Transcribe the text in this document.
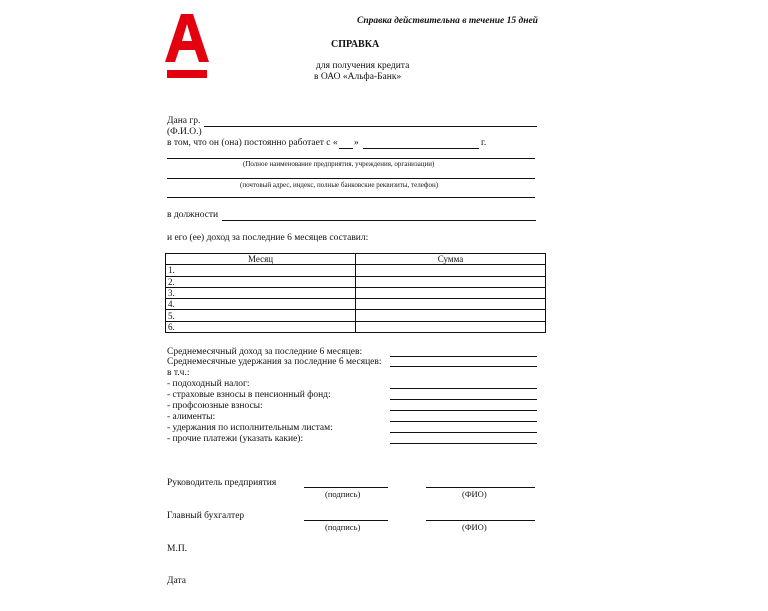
Справка действительна в течение 15 дней
СПРАВКА
для получения кредита
в ОАО «Альфа-Банк»
Дана гр.
(Ф.И.О.)
в том, что он (она) постоянно работает с « »	г.
(Полное наименование предприятия, учреждения, организации)
(почтовый адрес, индекс, полные банковские реквизиты, телефон)
в должности
и его (ее) доход за последние 6 месяцев составил:
Месяц	Сумма
1.	
2.	
3.	
4.	
5.	
6.	
Среднемесячный доход за последние 6 месяцев:
Среднемесячные удержания за последние 6 месяцев:
в т.ч.:
- подоходный налог:
- страховые взносы в пенсионный фонд:
- профсоюзные взносы:
- алименты:
- удержания по исполнительным листам:
- прочие платежи (указать какие):
Руководитель предприятия
(подпись)	(ФИО)
Главный бухгалтер
(подпись)	(ФИО)
М.П.
Дата
